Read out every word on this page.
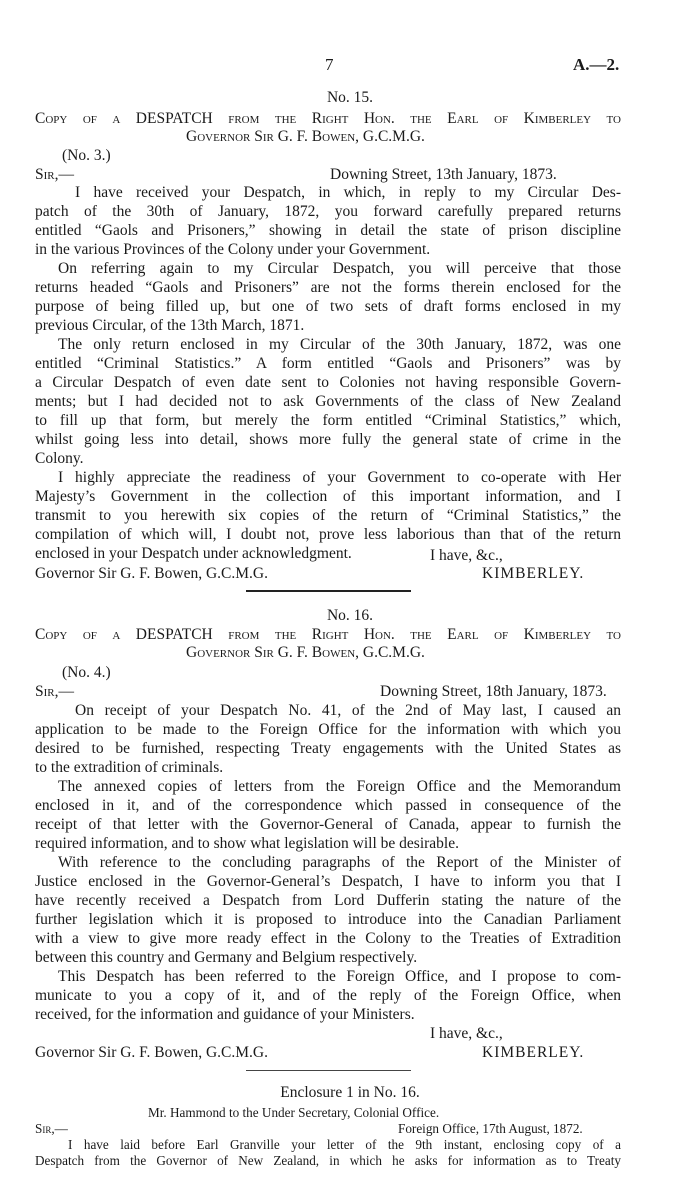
7	A.—2.
No. 15.
Copy of a DESPATCH from the Right Hon. the Earl of Kimberley to
Governor Sir G. F. Bowen, G.C.M.G.
(No. 3.)
Sir,—	Downing Street, 13th January, 1873.
I have received your Despatch, in which, in reply to my Circular Des-
patch of the 30th of January, 1872, you forward carefully prepared returns
entitled “Gaols and Prisoners,” showing in detail the state of prison discipline
in the various Provinces of the Colony under your Government.
On referring again to my Circular Despatch, you will perceive that those
returns headed “Gaols and Prisoners” are not the forms therein enclosed for the
purpose of being filled up, but one of two sets of draft forms enclosed in my
previous Circular, of the 13th March, 1871.
The only return enclosed in my Circular of the 30th January, 1872, was one
entitled “Criminal Statistics.” A form entitled “Gaols and Prisoners” was by
a Circular Despatch of even date sent to Colonies not having responsible Govern-
ments; but I had decided not to ask Governments of the class of New Zealand
to fill up that form, but merely the form entitled “Criminal Statistics,” which,
whilst going less into detail, shows more fully the general state of crime in the
Colony.
I highly appreciate the readiness of your Government to co-operate with Her
Majesty’s Government in the collection of this important information, and I
transmit to you herewith six copies of the return of “Criminal Statistics,” the
compilation of which will, I doubt not, prove less laborious than that of the return
enclosed in your Despatch under acknowledgment.	I have, &c.,
Governor Sir G. F. Bowen, G.C.M.G.	KIMBERLEY.
No. 16.
Copy of a DESPATCH from the Right Hon. the Earl of Kimberley to
Governor Sir G. F. Bowen, G.C.M.G.
(No. 4.)
Sir,—	Downing Street, 18th January, 1873.
On receipt of your Despatch No. 41, of the 2nd of May last, I caused an
application to be made to the Foreign Office for the information with which you
desired to be furnished, respecting Treaty engagements with the United States as
to the extradition of criminals.
The annexed copies of letters from the Foreign Office and the Memorandum
enclosed in it, and of the correspondence which passed in consequence of the
receipt of that letter with the Governor-General of Canada, appear to furnish the
required information, and to show what legislation will be desirable.
With reference to the concluding paragraphs of the Report of the Minister of
Justice enclosed in the Governor-General’s Despatch, I have to inform you that I
have recently received a Despatch from Lord Dufferin stating the nature of the
further legislation which it is proposed to introduce into the Canadian Parliament
with a view to give more ready effect in the Colony to the Treaties of Extradition
between this country and Germany and Belgium respectively.
This Despatch has been referred to the Foreign Office, and I propose to com-
municate to you a copy of it, and of the reply of the Foreign Office, when
received, for the information and guidance of your Ministers.
I have, &c.,
Governor Sir G. F. Bowen, G.C.M.G.	KIMBERLEY.
Enclosure 1 in No. 16.
Mr. Hammond to the Under Secretary, Colonial Office.
Sir,—	Foreign Office, 17th August, 1872.
I have laid before Earl Granville your letter of the 9th instant, enclosing copy of a
Despatch from the Governor of New Zealand, in which he asks for information as to Treaty
